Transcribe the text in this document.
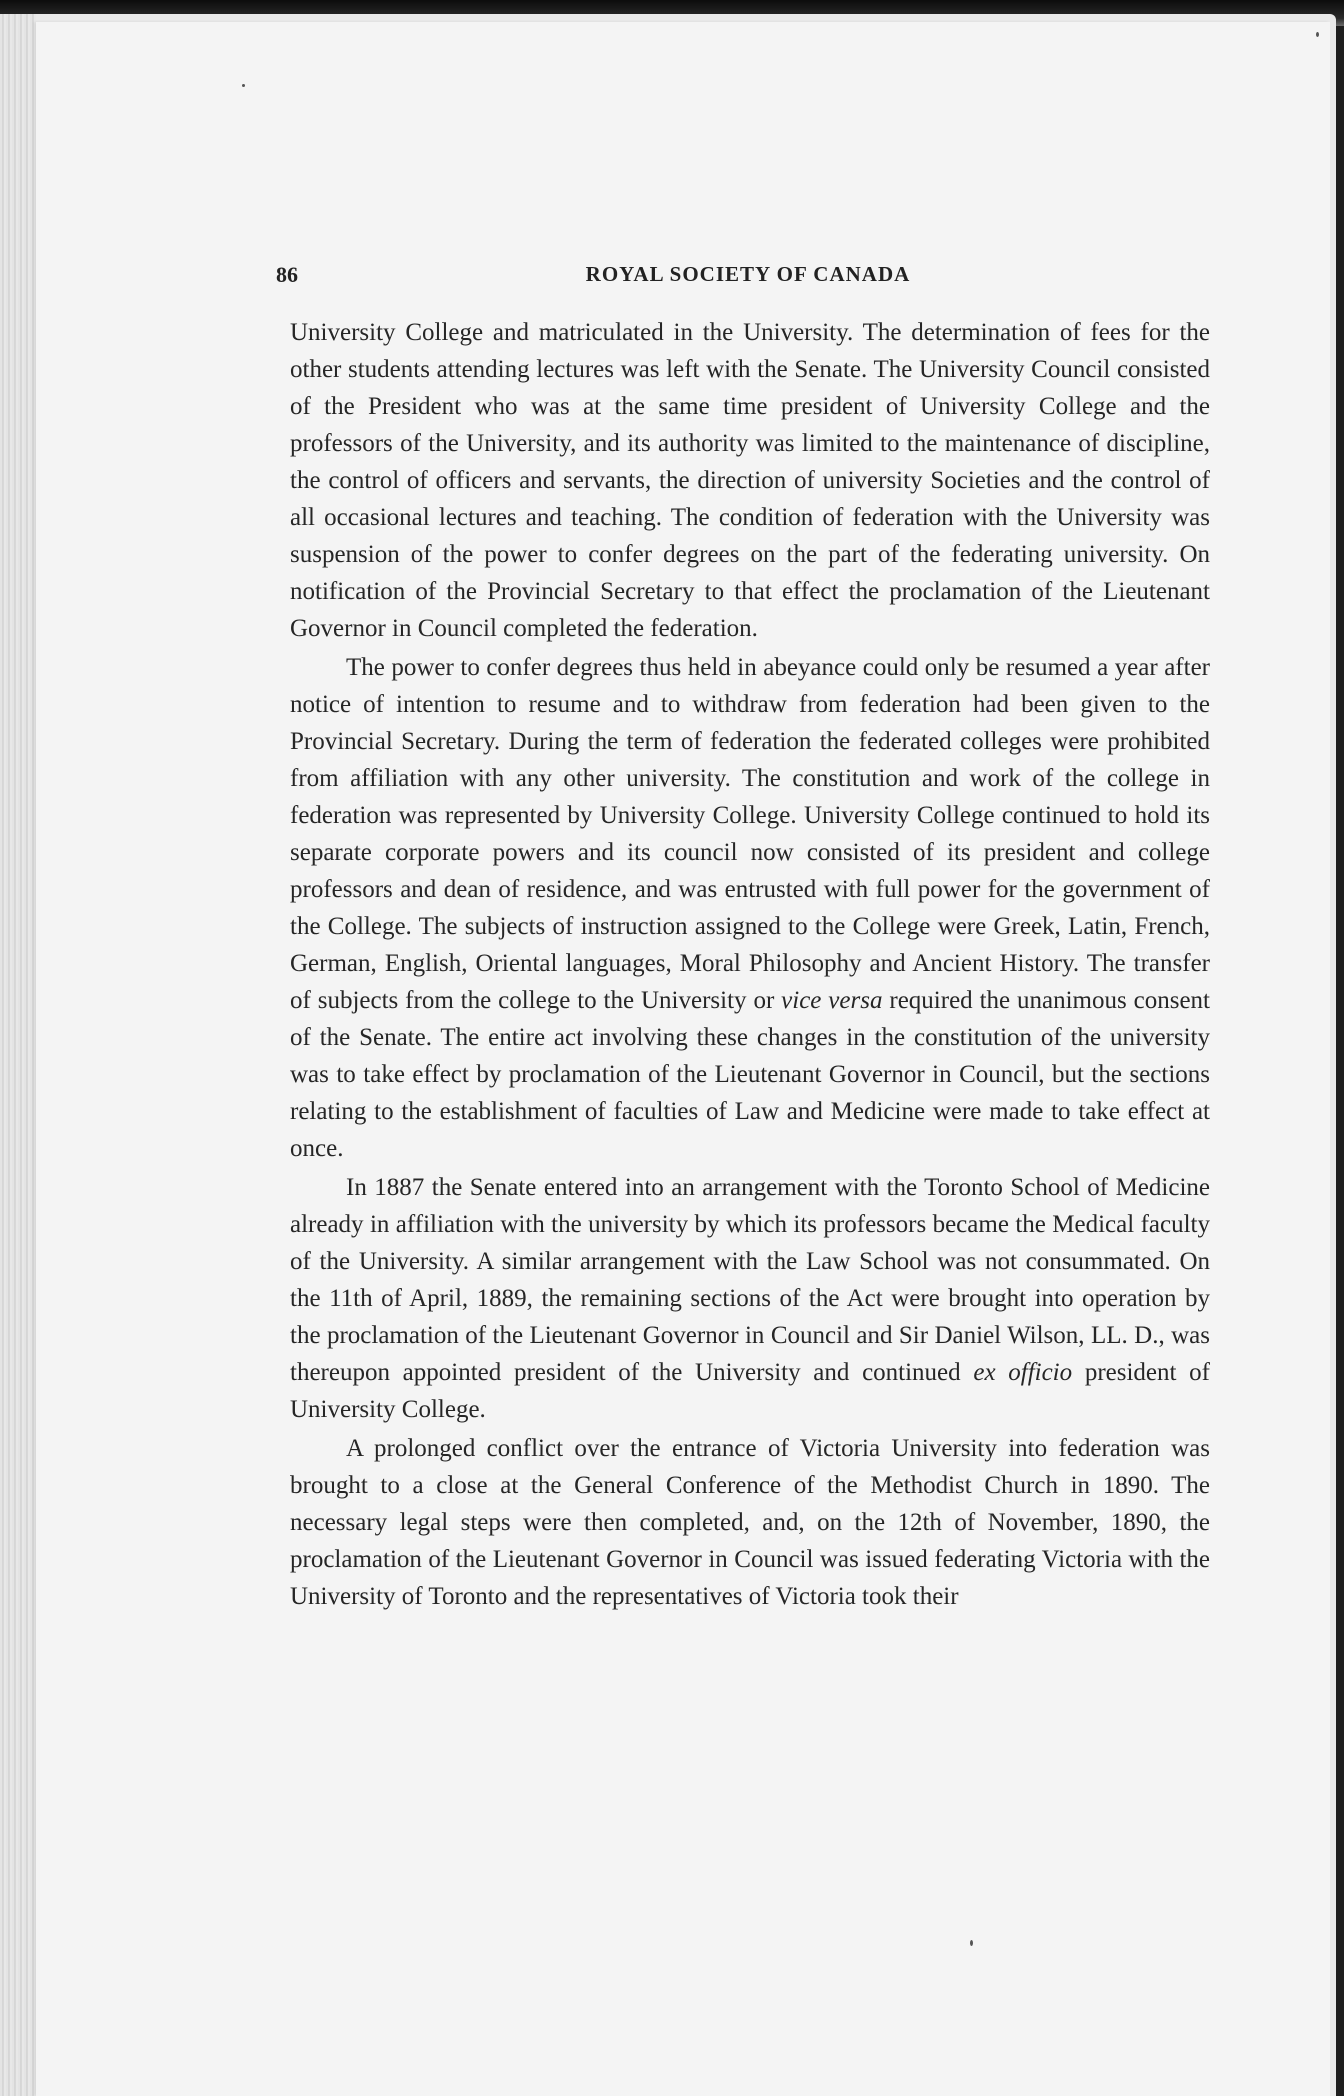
86	ROYAL SOCIETY OF CANADA

University College and matriculated in the University. The determination of fees for the other students attending lectures was left with the Senate. The University Council consisted of the President who was at the same time president of University College and the professors of the University, and its authority was limited to the maintenance of discipline, the control of officers and servants, the direction of university Societies and the control of all occasional lectures and teaching. The condition of federation with the University was suspension of the power to confer degrees on the part of the federating university. On notification of the Provincial Secretary to that effect the proclamation of the Lieutenant Governor in Council completed the federation.

The power to confer degrees thus held in abeyance could only be resumed a year after notice of intention to resume and to withdraw from federation had been given to the Provincial Secretary. During the term of federation the federated colleges were prohibited from affiliation with any other university. The constitution and work of the college in federation was represented by University College. University College continued to hold its separate corporate powers and its council now consisted of its president and college professors and dean of residence, and was entrusted with full power for the government of the College. The subjects of instruction assigned to the College were Greek, Latin, French, German, English, Oriental languages, Moral Philosophy and Ancient History. The transfer of subjects from the college to the University or vice versa required the unanimous consent of the Senate. The entire act involving these changes in the constitution of the university was to take effect by proclamation of the Lieutenant Governor in Council, but the sections relating to the establishment of faculties of Law and Medicine were made to take effect at once.

In 1887 the Senate entered into an arrangement with the Toronto School of Medicine already in affiliation with the university by which its professors became the Medical faculty of the University. A similar arrangement with the Law School was not consummated. On the 11th of April, 1889, the remaining sections of the Act were brought into operation by the proclamation of the Lieutenant Governor in Council and Sir Daniel Wilson, LL. D., was thereupon appointed president of the University and continued ex officio president of University College.

A prolonged conflict over the entrance of Victoria University into federation was brought to a close at the General Conference of the Methodist Church in 1890. The necessary legal steps were then completed, and, on the 12th of November, 1890, the proclamation of the Lieutenant Governor in Council was issued federating Victoria with the University of Toronto and the representatives of Victoria took their
